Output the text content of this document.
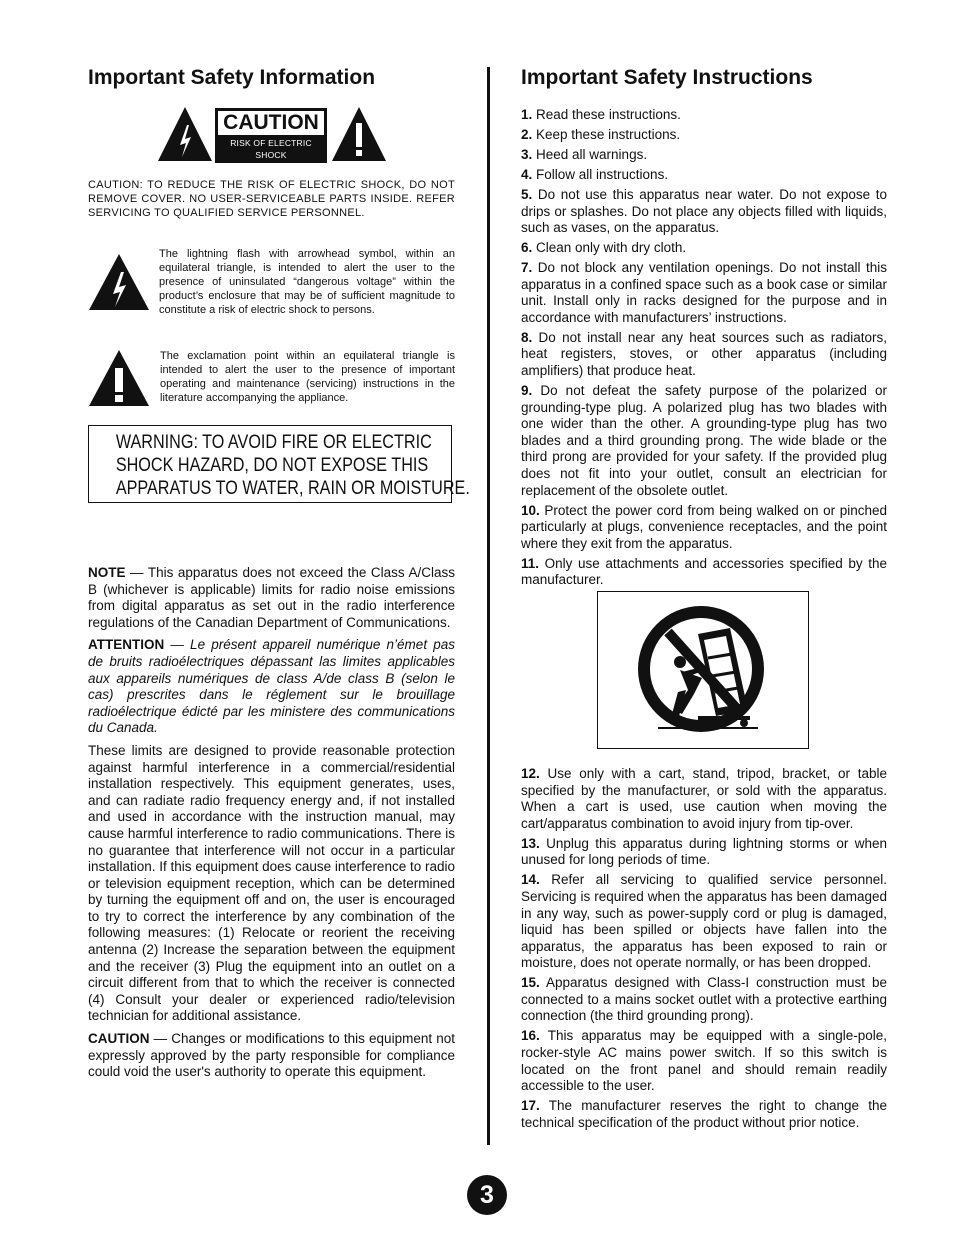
Important Safety Information
CAUTION
RISK OF ELECTRIC SHOCK
DO NOT OPEN

CAUTION: TO REDUCE THE RISK OF ELECTRIC SHOCK, DO NOT REMOVE COVER. NO USER-SERVICEABLE PARTS INSIDE. REFER SERVICING TO QUALIFIED SERVICE PERSONNEL.

The lightning flash with arrowhead symbol, within an equilateral triangle, is intended to alert the user to the presence of uninsulated “dangerous voltage” within the product’s enclosure that may be of sufficient magnitude to constitute a risk of electric shock to persons.

The exclamation point within an equilateral triangle is intended to alert the user to the presence of important operating and maintenance (servicing) instructions in the literature accompanying the appliance.

WARNING: TO AVOID FIRE OR ELECTRIC
SHOCK HAZARD, DO NOT EXPOSE THIS
APPARATUS TO WATER, RAIN OR MOISTURE.

NOTE — This apparatus does not exceed the Class A/Class B (whichever is applicable) limits for radio noise emissions from digital apparatus as set out in the radio interference regulations of the Canadian Department of Communications.

ATTENTION — Le présent appareil numérique n’émet pas de bruits radioélectriques dépassant las limites applicables aux appareils numériques de class A/de class B (selon le cas) prescrites dans le réglement sur le brouillage radioélectrique édicté par les ministere des communications du Canada.

These limits are designed to provide reasonable protection against harmful interference in a commercial/residential installation respectively. This equipment generates, uses, and can radiate radio frequency energy and, if not installed and used in accordance with the instruction manual, may cause harmful interference to radio communications. There is no guarantee that interference will not occur in a particular installation. If this equipment does cause interference to radio or television equipment reception, which can be determined by turning the equipment off and on, the user is encouraged to try to correct the interference by any combination of the following measures: (1) Relocate or reorient the receiving antenna (2) Increase the separation between the equipment and the receiver (3) Plug the equipment into an outlet on a circuit different from that to which the receiver is connected (4) Consult your dealer or experienced radio/television technician for additional assistance.

CAUTION — Changes or modifications to this equipment not expressly approved by the party responsible for compliance could void the user's authority to operate this equipment.

Important Safety Instructions
1. Read these instructions.
2. Keep these instructions.
3. Heed all warnings.
4. Follow all instructions.
5. Do not use this apparatus near water. Do not expose to drips or splashes. Do not place any objects filled with liquids, such as vases, on the apparatus.
6. Clean only with dry cloth.
7. Do not block any ventilation openings. Do not install this apparatus in a confined space such as a book case or similar unit. Install only in racks designed for the purpose and in accordance with manufacturers’ instructions.
8. Do not install near any heat sources such as radiators, heat registers, stoves, or other apparatus (including amplifiers) that produce heat.
9. Do not defeat the safety purpose of the polarized or grounding-type plug. A polarized plug has two blades with one wider than the other. A grounding-type plug has two blades and a third grounding prong. The wide blade or the third prong are provided for your safety. If the provided plug does not fit into your outlet, consult an electrician for replacement of the obsolete outlet.
10. Protect the power cord from being walked on or pinched particularly at plugs, convenience receptacles, and the point where they exit from the apparatus.
11. Only use attachments and accessories specified by the manufacturer.
12. Use only with a cart, stand, tripod, bracket, or table specified by the manufacturer, or sold with the apparatus. When a cart is used, use caution when moving the cart/apparatus combination to avoid injury from tip-over.
13. Unplug this apparatus during lightning storms or when unused for long periods of time.
14. Refer all servicing to qualified service personnel. Servicing is required when the apparatus has been damaged in any way, such as power-supply cord or plug is damaged, liquid has been spilled or objects have fallen into the apparatus, the apparatus has been exposed to rain or moisture, does not operate normally, or has been dropped.
15. Apparatus designed with Class-I construction must be connected to a mains socket outlet with a protective earthing connection (the third grounding prong).
16. This apparatus may be equipped with a single-pole, rocker-style AC mains power switch. If so this switch is located on the front panel and should remain readily accessible to the user.
17. The manufacturer reserves the right to change the technical specification of the product without prior notice.
3
